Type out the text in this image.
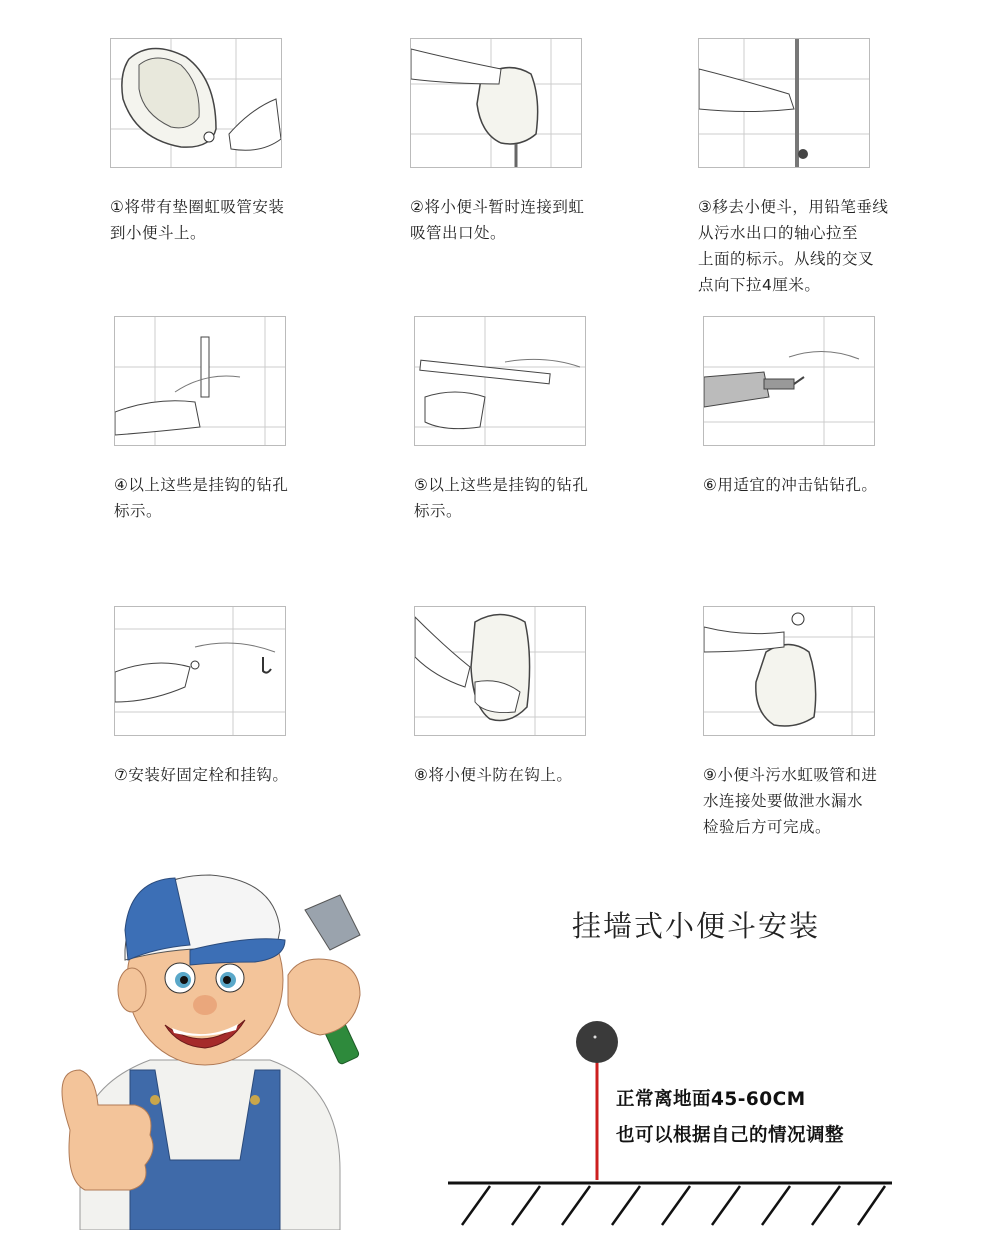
①将带有垫圈虹吸管安装
到小便斗上。
②将小便斗暂时连接到虹
吸管出口处。
③移去小便斗，用铅笔垂线
从污水出口的轴心拉至
上面的标示。从线的交叉
点向下拉4厘米。
④以上这些是挂钩的钻孔
标示。
⑤以上这些是挂钩的钻孔
标示。
⑥用适宜的冲击钻钻孔。
⑦安装好固定栓和挂钩。	⑧将小便斗防在钩上。	⑨小便斗污水虹吸管和进
水连接处要做泄水漏水
检验后方可完成。
挂墙式小便斗安装
正常离地面45-60CM
也可以根据自己的情况调整
